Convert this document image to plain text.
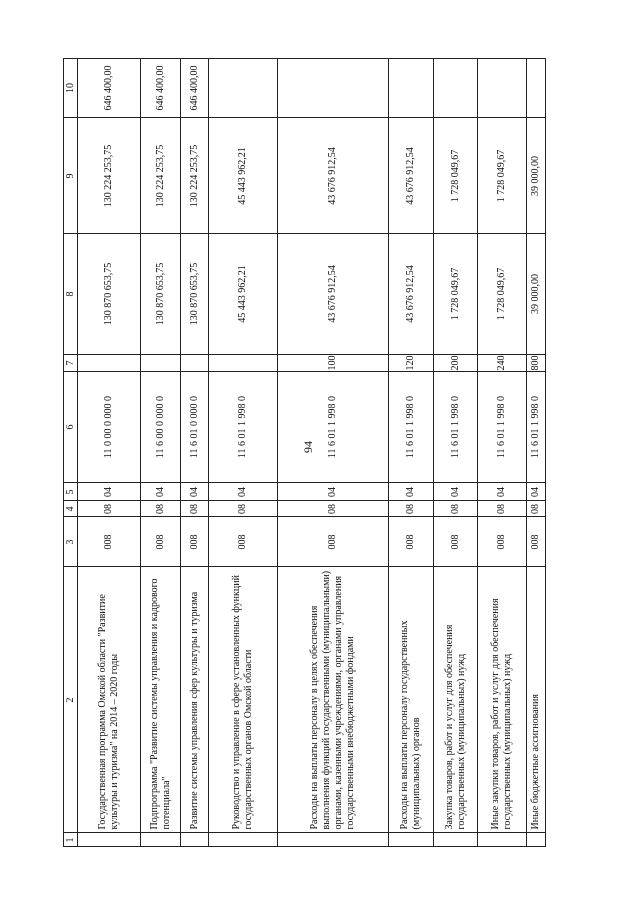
94
1
2
3
4
5
6
7
8
9
10
Государственная программа Омской области "Развитие культуры и туризма" на 2014 – 2020 годы
008
08
04
11 0 00 0 000 0
130 870 653,75
130 224 253,75
646 400,00
Подпрограмма "Развитие системы управления и кадрового потенциала"
008
08
04
11 6 00 0 000 0
130 870 653,75
130 224 253,75
646 400,00
Развитие системы управления сфер культуры и туризма
008
08
04
11 6 01 0 000 0
130 870 653,75
130 224 253,75
646 400,00
Руководство и управление в сфере установленных функций государственных органов Омской области
008
08
04
11 6 01 1 998 0
45 443 962,21
45 443 962,21
Расходы на выплаты персоналу в целях обеспечения выполнения функций государственными (муниципальными) органами, казенными учреждениями, органами управления государственными внебюджетными фондами
008
08
04
11 6 01 1 998 0
100
43 676 912,54
43 676 912,54
Расходы на выплаты персоналу государственных (муниципальных) органов
008
08
04
11 6 01 1 998 0
120
43 676 912,54
43 676 912,54
Закупка товаров, работ и услуг для обеспечения государственных (муниципальных) нужд
008
08
04
11 6 01 1 998 0
200
1 728 049,67
1 728 049,67
Иные закупки товаров, работ и услуг для обеспечения государственных (муниципальных) нужд
008
08
04
11 6 01 1 998 0
240
1 728 049,67
1 728 049,67
Иные бюджетные ассигнования
008
08
04
11 6 01 1 998 0
800
39 000,00
39 000,00
